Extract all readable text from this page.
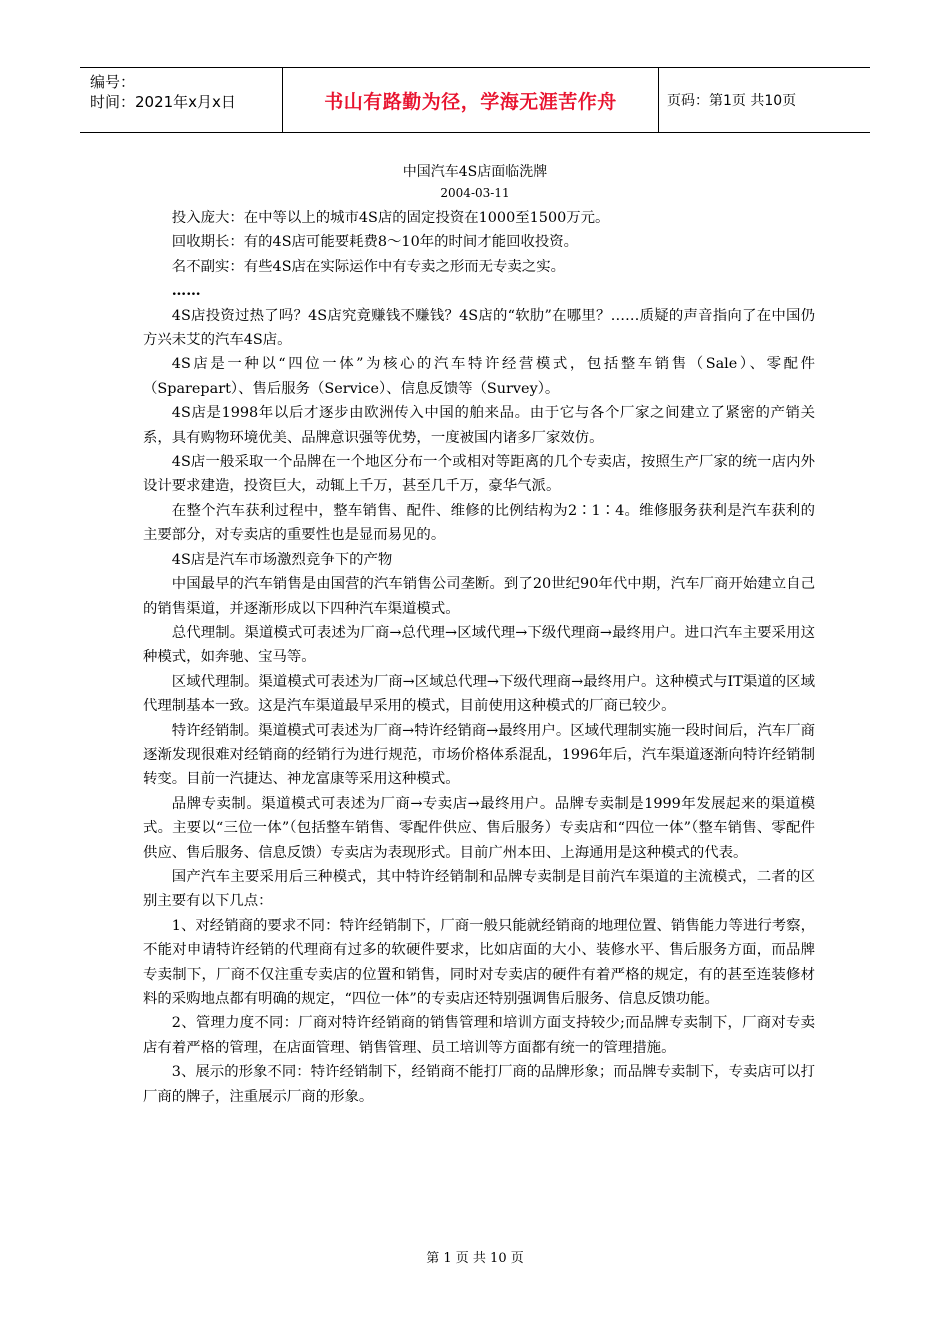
编号：
时间：2021年x月x日	书山有路勤为径，学海无涯苦作舟	页码：第1页 共10页
中国汽车4S店面临洗牌
2004-03-11

投入庞大：在中等以上的城市4S店的固定投资在1000至1500万元。

回收期长：有的4S店可能要耗费8～10年的时间才能回收投资。

名不副实：有些4S店在实际运作中有专卖之形而无专卖之实。

……

4S店投资过热了吗？4S店究竟赚钱不赚钱？4S店的“软肋”在哪里？……质疑的声音指向了在中国仍方兴未艾的汽车4S店。

4S店是一种以“四位一体”为核心的汽车特许经营模式，包括整车销售（Sale）、零配件（Sparepart）、售后服务（Service）、信息反馈等（Survey）。

4S店是1998年以后才逐步由欧洲传入中国的舶来品。由于它与各个厂家之间建立了紧密的产销关系，具有购物环境优美、品牌意识强等优势，一度被国内诸多厂家效仿。

4S店一般采取一个品牌在一个地区分布一个或相对等距离的几个专卖店，按照生产厂家的统一店内外设计要求建造，投资巨大，动辄上千万，甚至几千万，豪华气派。

在整个汽车获利过程中，整车销售、配件、维修的比例结构为2∶1∶4。维修服务获利是汽车获利的主要部分，对专卖店的重要性也是显而易见的。

4S店是汽车市场激烈竞争下的产物

中国最早的汽车销售是由国营的汽车销售公司垄断。到了20世纪90年代中期，汽车厂商开始建立自己的销售渠道，并逐渐形成以下四种汽车渠道模式。

总代理制。渠道模式可表述为厂商→总代理→区域代理→下级代理商→最终用户。进口汽车主要采用这种模式，如奔驰、宝马等。

区域代理制。渠道模式可表述为厂商→区域总代理→下级代理商→最终用户。这种模式与IT渠道的区域代理制基本一致。这是汽车渠道最早采用的模式，目前使用这种模式的厂商已较少。

特许经销制。渠道模式可表述为厂商→特许经销商→最终用户。区域代理制实施一段时间后，汽车厂商逐渐发现很难对经销商的经销行为进行规范，市场价格体系混乱，1996年后，汽车渠道逐渐向特许经销制转变。目前一汽捷达、神龙富康等采用这种模式。

品牌专卖制。渠道模式可表述为厂商→专卖店→最终用户。品牌专卖制是1999年发展起来的渠道模式。主要以“三位一体”（包括整车销售、零配件供应、售后服务）专卖店和“四位一体”（整车销售、零配件供应、售后服务、信息反馈）专卖店为表现形式。目前广州本田、上海通用是这种模式的代表。

国产汽车主要采用后三种模式，其中特许经销制和品牌专卖制是目前汽车渠道的主流模式，二者的区别主要有以下几点：

1、对经销商的要求不同：特许经销制下，厂商一般只能就经销商的地理位置、销售能力等进行考察，不能对申请特许经销的代理商有过多的软硬件要求，比如店面的大小、装修水平、售后服务方面，而品牌专卖制下，厂商不仅注重专卖店的位置和销售，同时对专卖店的硬件有着严格的规定，有的甚至连装修材料的采购地点都有明确的规定，“四位一体”的专卖店还特别强调售后服务、信息反馈功能。

2、管理力度不同：厂商对特许经销商的销售管理和培训方面支持较少;而品牌专卖制下，厂商对专卖店有着严格的管理，在店面管理、销售管理、员工培训等方面都有统一的管理措施。

3、展示的形象不同：特许经销制下，经销商不能打厂商的品牌形象；而品牌专卖制下，专卖店可以打厂商的牌子，注重展示厂商的形象。

第 1 页 共 10 页
